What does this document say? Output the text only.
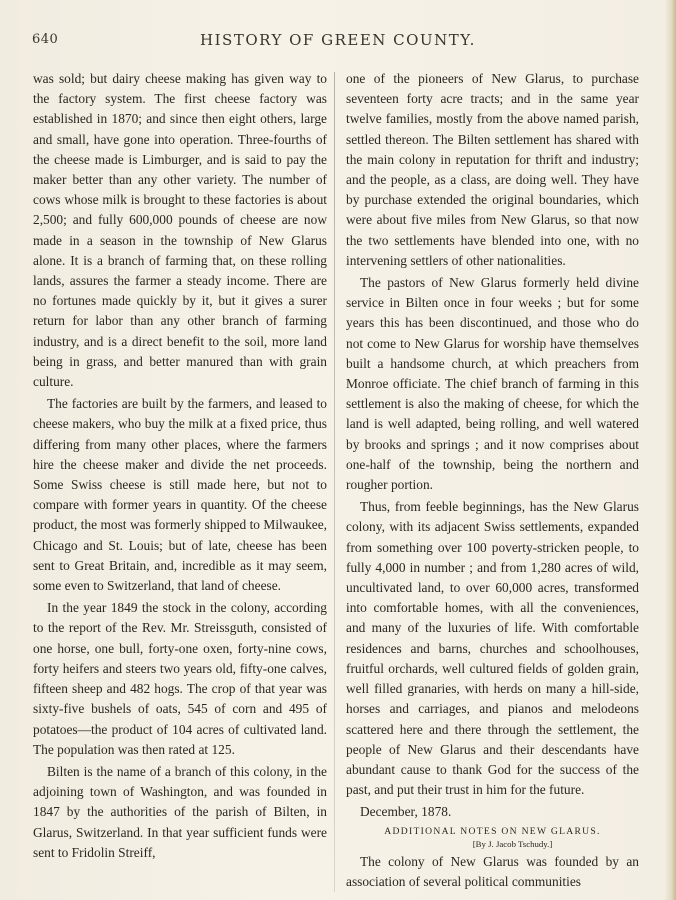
640	HISTORY OF GREEN COUNTY.

was sold; but dairy cheese making has given way to the factory system. The first cheese factory was established in 1870; and since then eight others, large and small, have gone into operation. Three-fourths of the cheese made is Limburger, and is said to pay the maker better than any other variety. The number of cows whose milk is brought to these factories is about 2,500; and fully 600,000 pounds of cheese are now made in a season in the township of New Glarus alone. It is a branch of farming that, on these rolling lands, assures the farmer a steady income. There are no fortunes made quickly by it, but it gives a surer return for labor than any other branch of farming industry, and is a direct benefit to the soil, more land being in grass, and better manured than with grain culture.

The factories are built by the farmers, and leased to cheese makers, who buy the milk at a fixed price, thus differing from many other places, where the farmers hire the cheese maker and divide the net proceeds. Some Swiss cheese is still made here, but not to compare with former years in quantity. Of the cheese product, the most was formerly shipped to Milwaukee, Chicago and St. Louis; but of late, cheese has been sent to Great Britain, and, incredible as it may seem, some even to Switzerland, that land of cheese.

In the year 1849 the stock in the colony, according to the report of the Rev. Mr. Streissguth, consisted of one horse, one bull, forty-one oxen, forty-nine cows, forty heifers and steers two years old, fifty-one calves, fifteen sheep and 482 hogs. The crop of that year was sixty-five bushels of oats, 545 of corn and 495 of potatoes—the product of 104 acres of cultivated land. The population was then rated at 125.

Bilten is the name of a branch of this colony, in the adjoining town of Washington, and was founded in 1847 by the authorities of the parish of Bilten, in Glarus, Switzerland. In that year sufficient funds were sent to Fridolin Streiff,

one of the pioneers of New Glarus, to purchase seventeen forty acre tracts; and in the same year twelve families, mostly from the above named parish, settled thereon. The Bilten settlement has shared with the main colony in reputation for thrift and industry; and the people, as a class, are doing well. They have by purchase extended the original boundaries, which were about five miles from New Glarus, so that now the two settlements have blended into one, with no intervening settlers of other nationalities.

The pastors of New Glarus formerly held divine service in Bilten once in four weeks ; but for some years this has been discontinued, and those who do not come to New Glarus for worship have themselves built a handsome church, at which preachers from Monroe officiate. The chief branch of farming in this settlement is also the making of cheese, for which the land is well adapted, being rolling, and well watered by brooks and springs ; and it now comprises about one-half of the township, being the northern and rougher portion.

Thus, from feeble beginnings, has the New Glarus colony, with its adjacent Swiss settlements, expanded from something over 100 poverty-stricken people, to fully 4,000 in number ; and from 1,280 acres of wild, uncultivated land, to over 60,000 acres, transformed into comfortable homes, with all the conveniences, and many of the luxuries of life. With comfortable residences and barns, churches and schoolhouses, fruitful orchards, well cultured fields of golden grain, well filled granaries, with herds on many a hill-side, horses and carriages, and pianos and melodeons scattered here and there through the settlement, the people of New Glarus and their descendants have abundant cause to thank God for the success of the past, and put their trust in him for the future.

December, 1878.
ADDITIONAL NOTES ON NEW GLARUS.
[By J. Jacob Tschudy.]

The colony of New Glarus was founded by an association of several political communities
